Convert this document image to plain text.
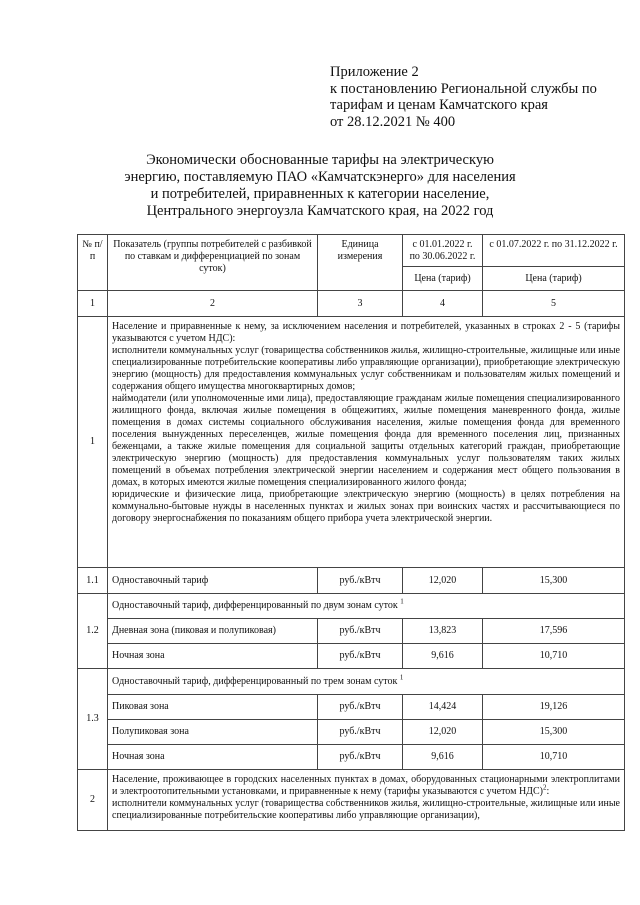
Приложение 2
к постановлению Региональной службы по
тарифам и ценам Камчатского края
от 28.12.2021 № 400
Экономически обоснованные тарифы на электрическую энергию, поставляемую ПАО «Камчатскэнерго» для населения и потребителей, приравненных к категории население, Центрального энергоузла Камчатского края, на 2022 год
№ п/п	Показатель (группы потребителей с разбивкой по ставкам и дифференциацией по зонам суток)	Единица измерения	с 01.01.2022 г. по 30.06.2022 г.	с 01.07.2022 г. по 31.12.2022 г.
			Цена (тариф)	Цена (тариф)
1	2	3	4	5
1	Население и приравненные к нему, за исключением населения и потребителей, указанных в строках 2 - 5 (тарифы указываются с учетом НДС):

исполнители коммунальных услуг (товарищества собственников жилья, жилищно-строительные, жилищные или иные специализированные потребительские кооперативы либо управляющие организации), приобретающие электрическую энергию (мощность) для предоставления коммунальных услуг собственникам и пользователям жилых помещений и содержания общего имущества многоквартирных домов;

наймодатели (или уполномоченные ими лица), предоставляющие гражданам жилые помещения специализированного жилищного фонда, включая жилые помещения в общежитиях, жилые помещения маневренного фонда, жилые помещения в домах системы социального обслуживания населения, жилые помещения фонда для временного поселения вынужденных переселенцев, жилые помещения фонда для временного поселения лиц, признанных беженцами, а также жилые помещения для социальной защиты отдельных категорий граждан, приобретающие электрическую энергию (мощность) для предоставления коммунальных услуг пользователям таких жилых помещений в объемах потребления электрической энергии населением и содержания мест общего пользования в домах, в которых имеются жилые помещения специализированного жилого фонда;

юридические и физические лица, приобретающие электрическую энергию (мощность) в целях потребления на коммунально-бытовые нужды в населенных пунктах и жилых зонах при воинских частях и рассчитывающиеся по договору энергоснабжения по показаниям общего прибора учета электрической энергии.			

1.1	Одноставочный тариф	руб./кВтч	12,020	15,300
1.2	Одноставочный тариф, дифференцированный по двум зонам суток $^1$
	Дневная зона (пиковая и полупиковая)	руб./кВтч	13,823	17,596
	Ночная зона	руб./кВтч	9,616	10,710
1.3	Одноставочный тариф, дифференцированный по трем зонам суток $^1$
	Пиковая зона	руб./кВтч	14,424	19,126
	Полупиковая зона	руб./кВтч	12,020	15,300
	Ночная зона	руб./кВтч	9,616	10,710
2	Население, проживающее в городских населенных пунктах в домах, оборудованных стационарными электроплитами и электроотопительными установками, и приравненные к нему (тарифы указываются с учетом НДС)$^2$:

исполнители коммунальных услуг (товарищества собственников жилья, жилищно-строительные, жилищные или иные специализированные потребительские кооперативы либо управляющие организации),			
